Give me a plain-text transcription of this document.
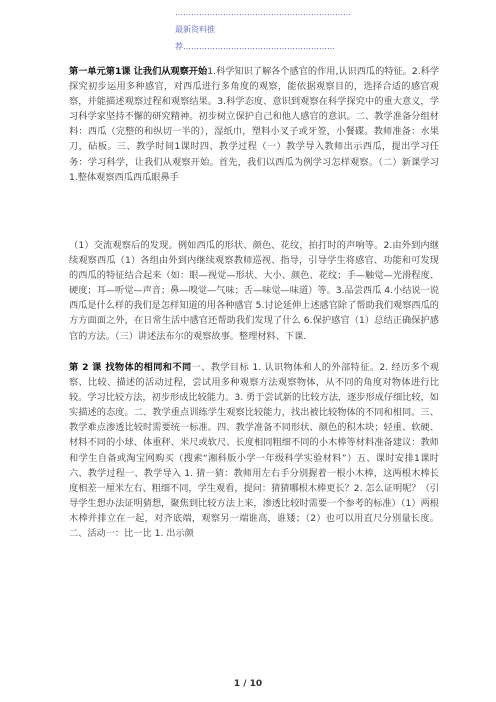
…………………………………………………………最新资料推荐…………………………………………………
第一单元第1课 让我们从观察开始1.科学知识了解各个感官的作用,认识西瓜的特征。2.科学探究初步运用多种感官，对西瓜进行多角度的观察，能依据观察目的，选择合适的感官观察，并能描述观察过程和观察结果。3.科学态度、意识到观察在科学探究中的重大意义，学习科学家坚持不懈的研究精神。初步树立保护自己和他人感官的意识。二、教学准备分组材料：西瓜（完整的和纵切一半的），湿纸巾，塑料小叉子或牙签，小餐碟。教师准备：水果刀，砧板。三、教学时间1课时四、教学过程（一）教学导入教师出示西瓜，提出学习任务：学习科学，让我们从观察开始。首先，我们以西瓜为例学习怎样观察。（二）新课学习1.整体观察西瓜西瓜眼鼻手
（1）交流观察后的发现。例如西瓜的形状、颜色、花纹，拍打时的声响等。2.由外到内继续观察西瓜（1）各组由外到内继续观察教师巡视、指导，引导学生将感官、功能和可发现的西瓜的特征结合起来（如：眼—视觉—形状、大小、颜色、花纹；手—触觉—光滑程度、硬度；耳—听觉—声音；鼻—嗅觉—气味；舌—味觉—味道）等。3.品尝西瓜 4.小结说一说西瓜是什么样的我们是怎样知道的用各种感官 5.讨论延伸上述感官除了帮助我们观察西瓜的方方面面之外，在日常生活中感官还帮助我们发现了什么 6.保护感官（1）总结正确保护感官的方法。（三）讲述法布尔的观察故事。整理材料、下课.
第 2 课 找物体的相同和不同一、教学目标 1. 认识物体和人的外部特征。2. 经历多个观察、比较、描述的活动过程，尝试用多种观察方法观察物体，从不同的角度对物体进行比较。学习比较方法，初步形成比较能力。3. 勇于尝试新的比较方法，逐步形成仔细比较，如实描述的态度。二、教学重点训练学生观察比较能力，找出被比较物体的不同和相同。三、教学难点渗透比较时需要统一标准。四、教学准备不同形状、颜色的积木块；轻重、软硬、材料不同的小球、体重秤、米尺或软尺、长度相同粗细不同的小木棒等材料准备建议：教师和学生自备或淘宝网购买（搜索“湘科版小学一年级科学实验材料”）五、课时安排1课时六、教学过程一、教学导入 1. 猜一猜：教师用左右手分别握着一根小木棒，这两根木棒长度相差一厘米左右、粗细不同，学生观看，提问：猜猜哪根木棒更长？2. 怎么证明呢？（引导学生想办法证明猜想，聚焦到比较方法上来，渗透比较时需要一个参考的标准）（1）两根木棒并排立在一起，对齐底端，观察另一端谁高，谁矮；（2）也可以用直尺分别量长度。二、活动一：比一比 1. 出示颜
1 / 10
